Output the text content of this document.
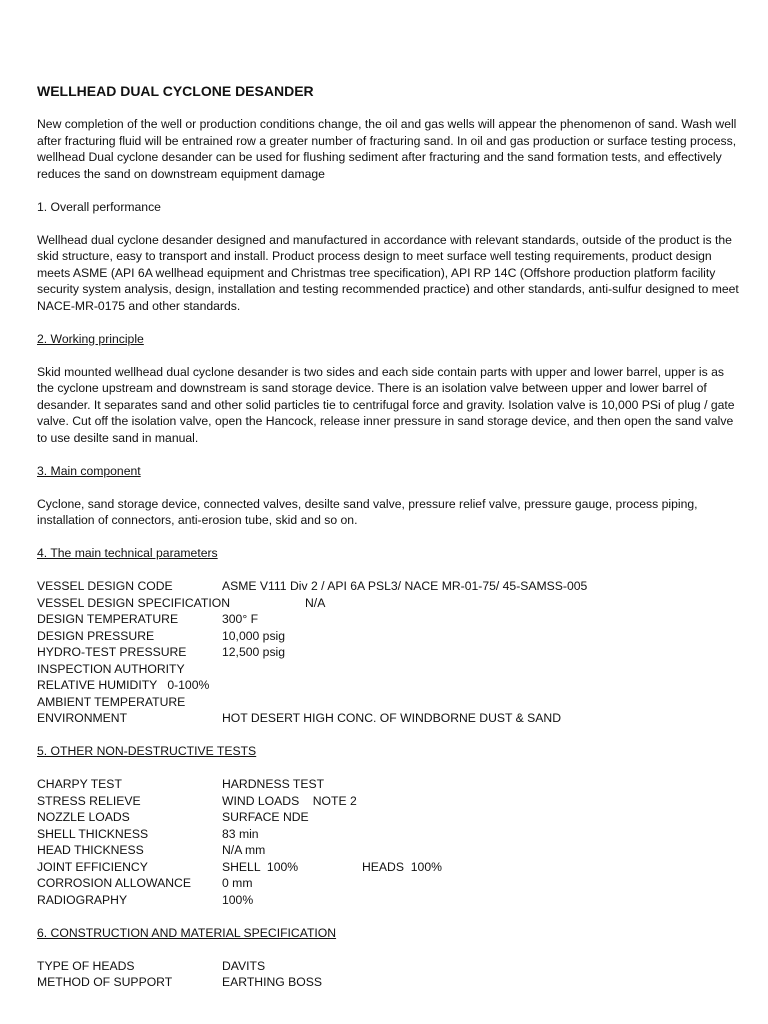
WELLHEAD DUAL CYCLONE DESANDER

New completion of the well or production conditions change, the oil and gas wells will appear the phenomenon of sand. Wash well after fracturing fluid will be entrained row a greater number of fracturing sand. In oil and gas production or surface testing process, wellhead Dual cyclone desander can be used for flushing sediment after fracturing and the sand formation tests, and effectively reduces the sand on downstream equipment damage

1. Overall performance

Wellhead dual cyclone desander designed and manufactured in accordance with relevant standards, outside of the product is the skid structure, easy to transport and install. Product process design to meet surface well testing requirements, product design meets ASME (API 6A wellhead equipment and Christmas tree specification), API RP 14C (Offshore production platform facility security system analysis, design, installation and testing recommended practice) and other standards, anti-sulfur designed to meet NACE-MR-0175 and other standards.

2. Working principle

Skid mounted wellhead dual cyclone desander is two sides and each side contain parts with upper and lower barrel, upper is as the cyclone upstream and downstream is sand storage device. There is an isolation valve between upper and lower barrel of desander. It separates sand and other solid particles tie to centrifugal force and gravity. Isolation valve is 10,000 PSi of plug / gate valve. Cut off the isolation valve, open the Hancock, release inner pressure in sand storage device, and then open the sand valve to use desilte sand in manual.

3. Main component

Cyclone, sand storage device, connected valves, desilte sand valve, pressure relief valve, pressure gauge, process piping, installation of connectors, anti-erosion tube, skid and so on.

4. The main technical parameters

VESSEL DESIGN CODE	ASME V111 Div 2 / API 6A PSL3/ NACE MR-01-75/ 45-SAMSS-005
VESSEL DESIGN SPECIFICATION	N/A
DESIGN TEMPERATURE	300° F
DESIGN PRESSURE	10,000 psig
HYDRO-TEST PRESSURE	12,500 psig
INSPECTION AUTHORITY
RELATIVE HUMIDITY 0-100%
AMBIENT TEMPERATURE
ENVIRONMENT	HOT DESERT HIGH CONC. OF WINDBORNE DUST & SAND

5. OTHER NON-DESTRUCTIVE TESTS

CHARPY TEST	HARDNESS TEST
STRESS RELIEVE	WIND LOADS    NOTE 2
NOZZLE LOADS	SURFACE NDE
SHELL THICKNESS	83 min
HEAD THICKNESS	N/A mm
JOINT EFFICIENCY	SHELL  100%	HEADS  100%
CORROSION ALLOWANCE	0 mm
RADIOGRAPHY	100%

6. CONSTRUCTION AND MATERIAL SPECIFICATION

TYPE OF HEADS	DAVITS
METHOD OF SUPPORT	EARTHING BOSS
